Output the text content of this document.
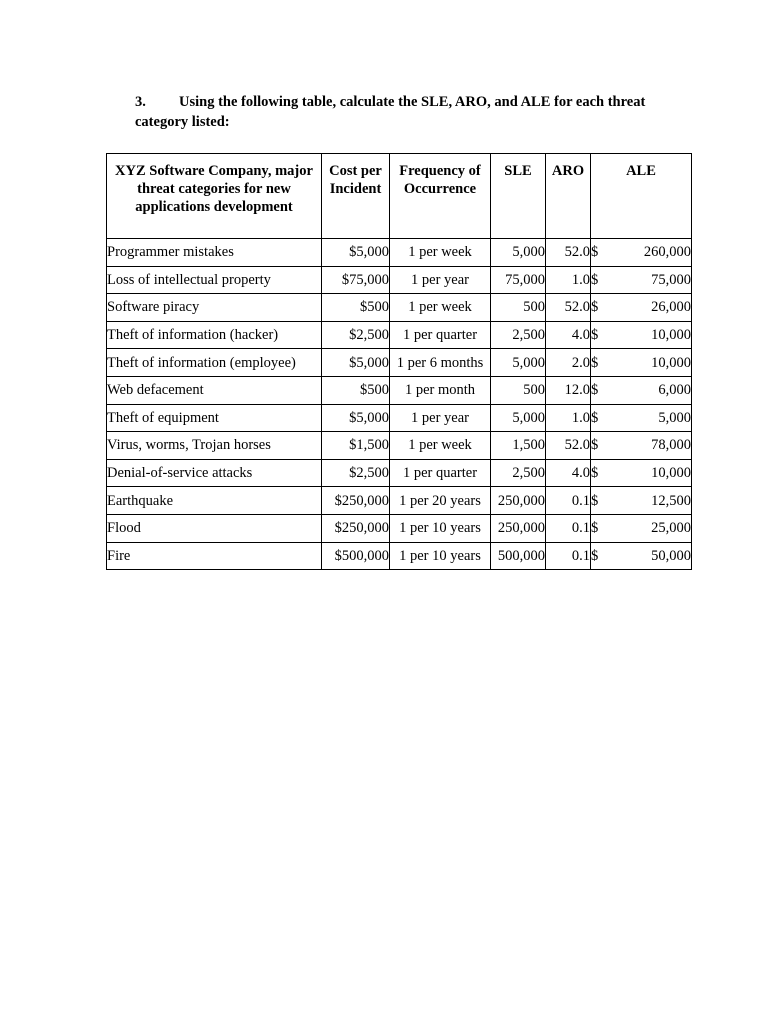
3. Using the following table, calculate the SLE, ARO, and ALE for each threat category listed:
XYZ Software Company, major threat categories for new applications development	Cost per Incident	Frequency of Occurrence	SLE	ARO	ALE
Programmer mistakes	$5,000	1 per week	5,000	52.0	$ 260,000

Loss of intellectual property	$75,000	1 per year	75,000	1.0	$ 75,000

Software piracy	$500	1 per week	500	52.0	$ 26,000

Theft of information (hacker)	$2,500	1 per quarter	2,500	4.0	$ 10,000

Theft of information (employee)	$5,000	1 per 6 months	5,000	2.0	$ 10,000

Web defacement	$500	1 per month	500	12.0	$ 6,000

Theft of equipment	$5,000	1 per year	5,000	1.0	$ 5,000

Virus, worms, Trojan horses	$1,500	1 per week	1,500	52.0	$ 78,000

Denial-of-service attacks	$2,500	1 per quarter	2,500	4.0	$ 10,000

Earthquake	$250,000	1 per 20 years	250,000	0.1	$ 12,500

Flood	$250,000	1 per 10 years	250,000	0.1	$ 25,000

Fire	$500,000	1 per 10 years	500,000	0.1	$ 50,000
